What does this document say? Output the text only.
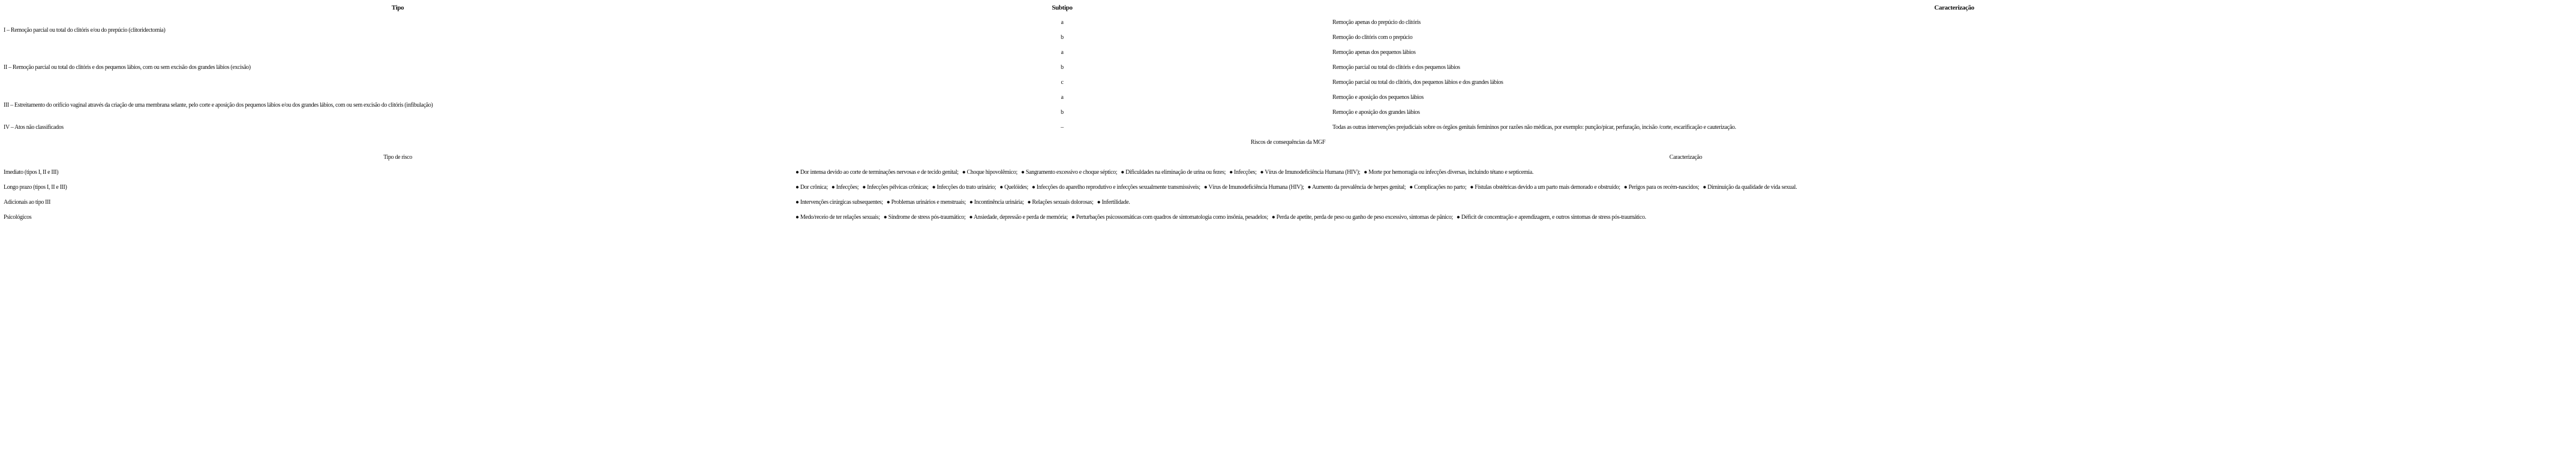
Tipo	Subtipo	Caracterização
I – Remoção parcial ou total do clitóris e/ou do prepúcio (clitoridectomia)	a	Remoção apenas do prepúcio do clitóris
	b	Remoção do clitóris com o prepúcio
II – Remoção parcial ou total do clitóris e dos pequenos lábios, com ou sem excisão dos grandes lábios (excisão)	a	Remoção apenas dos pequenos lábios
	b	Remoção parcial ou total do clitóris e dos pequenos lábios
	c	Remoção parcial ou total do clitóris, dos pequenos lábios e dos grandes lábios
III – Estreitamento do orifício vaginal através da criação de uma membrana selante, pelo corte e aposição dos pequenos lábios e/ou dos grandes lábios, com ou sem excisão do clitóris (infibulação)	a	Remoção e aposição dos pequenos lábios
	b	Remoção e aposição dos grandes lábios
IV – Atos não classificados	–	Todas as outras intervenções prejudiciais sobre os órgãos genitais femininos por razões não médicas, por exemplo: punção/picar, perfuração, incisão /corte, escarificação e cauterização.
Riscos de consequências da MGF
Tipo de risco	Caracterização
Imediato (tipos I, II e III)	● Dor intensa devido ao corte de terminações nervosas e de tecido genital; ● Choque hipovolêmico; ● Sangramento excessivo e choque séptico; ● Dificuldades na eliminação de urina ou fezes; ● Infecções; ● Vírus de Imunodeficiência Humana (HIV); ● Morte por hemorragia ou infecções diversas, incluindo tétano e septicemia.
Longo prazo (tipos I, II e III)	● Dor crônica; ● Infecções; ● Infecções pélvicas crônicas; ● Infecções do trato urinário; ● Quelóides; ● Infecções do aparelho reprodutivo e infecções sexualmente transmissíveis; ● Vírus de Imunodeficiência Humana (HIV); ● Aumento da prevalência de herpes genital; ● Complicações no parto; ● Fístulas obstétricas devido a um parto mais demorado e obstruído; ● Perigos para os recém-nascidos; ● Diminuição da qualidade de vida sexual.
Adicionais ao tipo III	● Intervenções cirúrgicas subsequentes; ● Problemas urinários e menstruais; ● Incontinência urinária; ● Relações sexuais dolorosas; ● Infertilidade.
Psicológicos	● Medo/receio de ter relações sexuais; ● Síndrome de stress pós-traumático; ● Ansiedade, depressão e perda de memória; ● Perturbações psicossomáticas com quadros de sintomatologia como insônia, pesadelos; ● Perda de apetite, perda de peso ou ganho de peso excessivo, sintomas de pânico; ● Déficit de concentração e aprendizagem, e outros sintomas de stress pós-traumático.
